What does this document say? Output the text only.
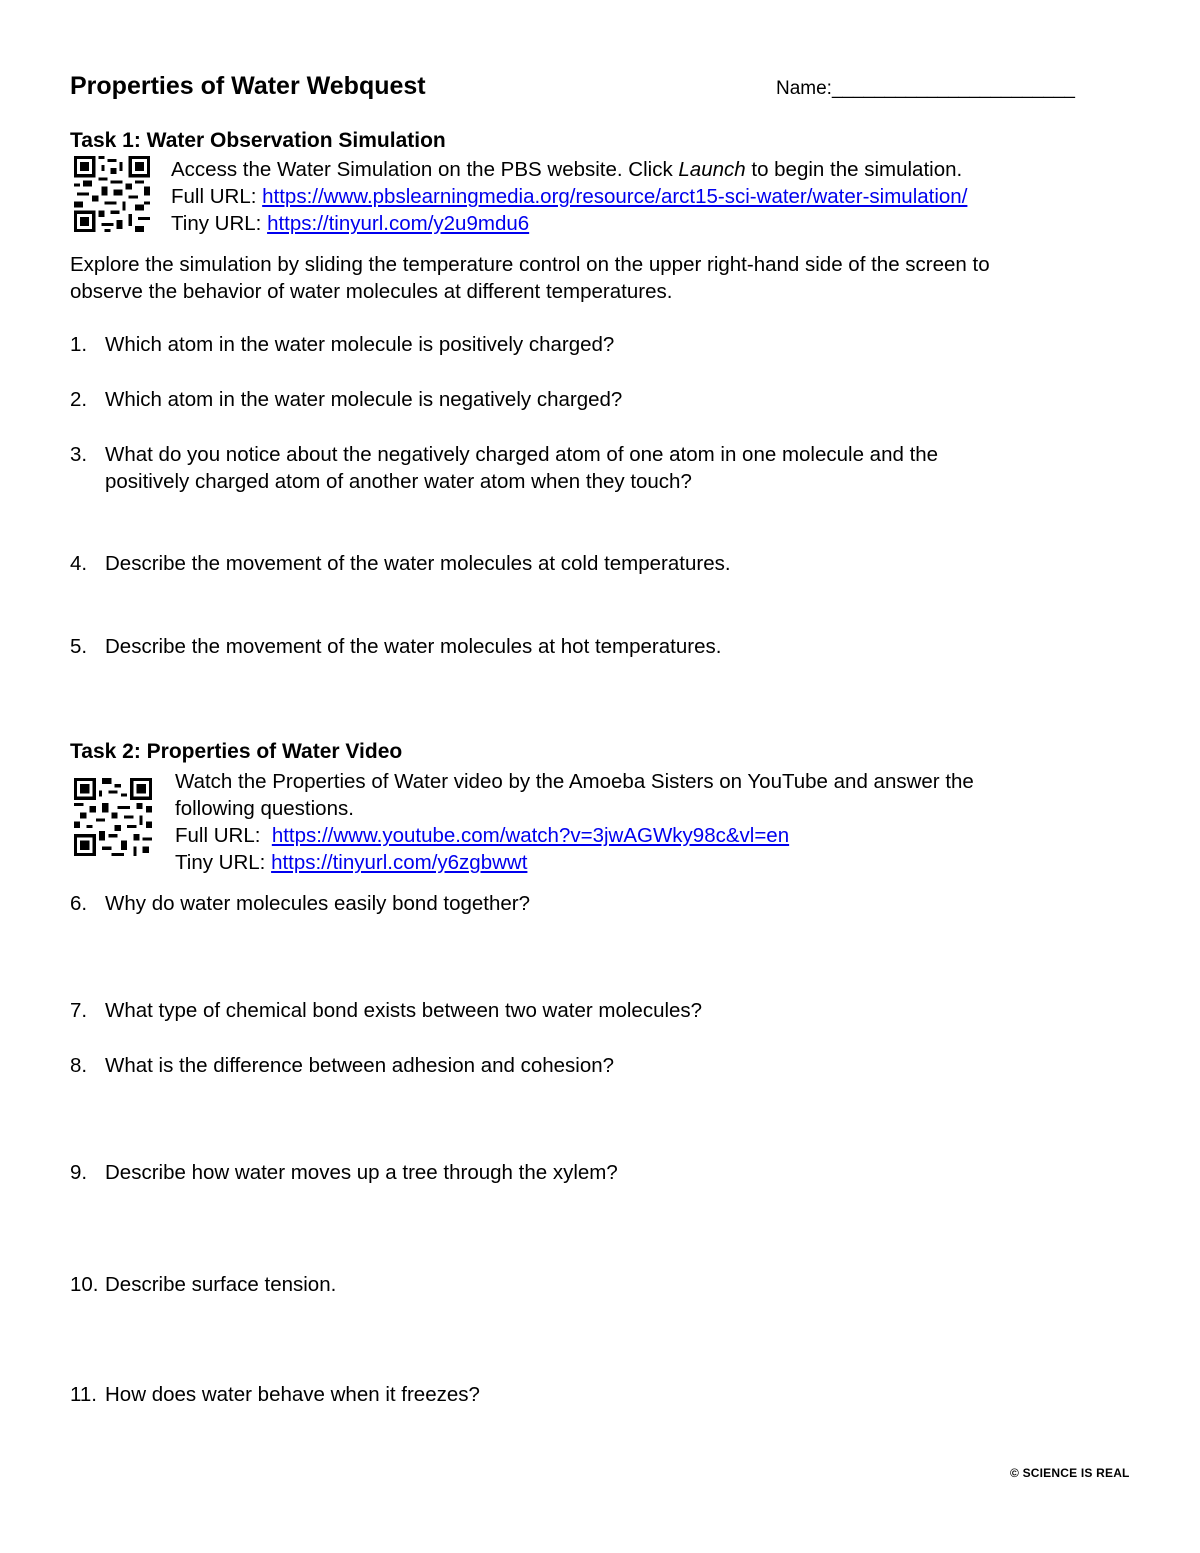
Properties of Water Webquest	Name:_______________________
Task 1: Water Observation Simulation
Access the Water Simulation on the PBS website. Click Launch to begin the simulation.
Full URL: https://www.pbslearningmedia.org/resource/arct15-sci-water/water-simulation/
Tiny URL: https://tinyurl.com/y2u9mdu6
Explore the simulation by sliding the temperature control on the upper right-hand side of the screen to
observe the behavior of water molecules at different temperatures.
1. Which atom in the water molecule is positively charged?
2. Which atom in the water molecule is negatively charged?
3. What do you notice about the negatively charged atom of one atom in one molecule and the
positively charged atom of another water atom when they touch?
4. Describe the movement of the water molecules at cold temperatures.
5. Describe the movement of the water molecules at hot temperatures.
Task 2: Properties of Water Video
Watch the Properties of Water video by the Amoeba Sisters on YouTube and answer the
following questions.
Full URL:  https://www.youtube.com/watch?v=3jwAGWky98c&vl=en
Tiny URL: https://tinyurl.com/y6zgbwwt
6. Why do water molecules easily bond together?
7. What type of chemical bond exists between two water molecules?
8. What is the difference between adhesion and cohesion?
9. Describe how water moves up a tree through the xylem?
10. Describe surface tension.
11. How does water behave when it freezes?
© SCIENCE IS REAL
